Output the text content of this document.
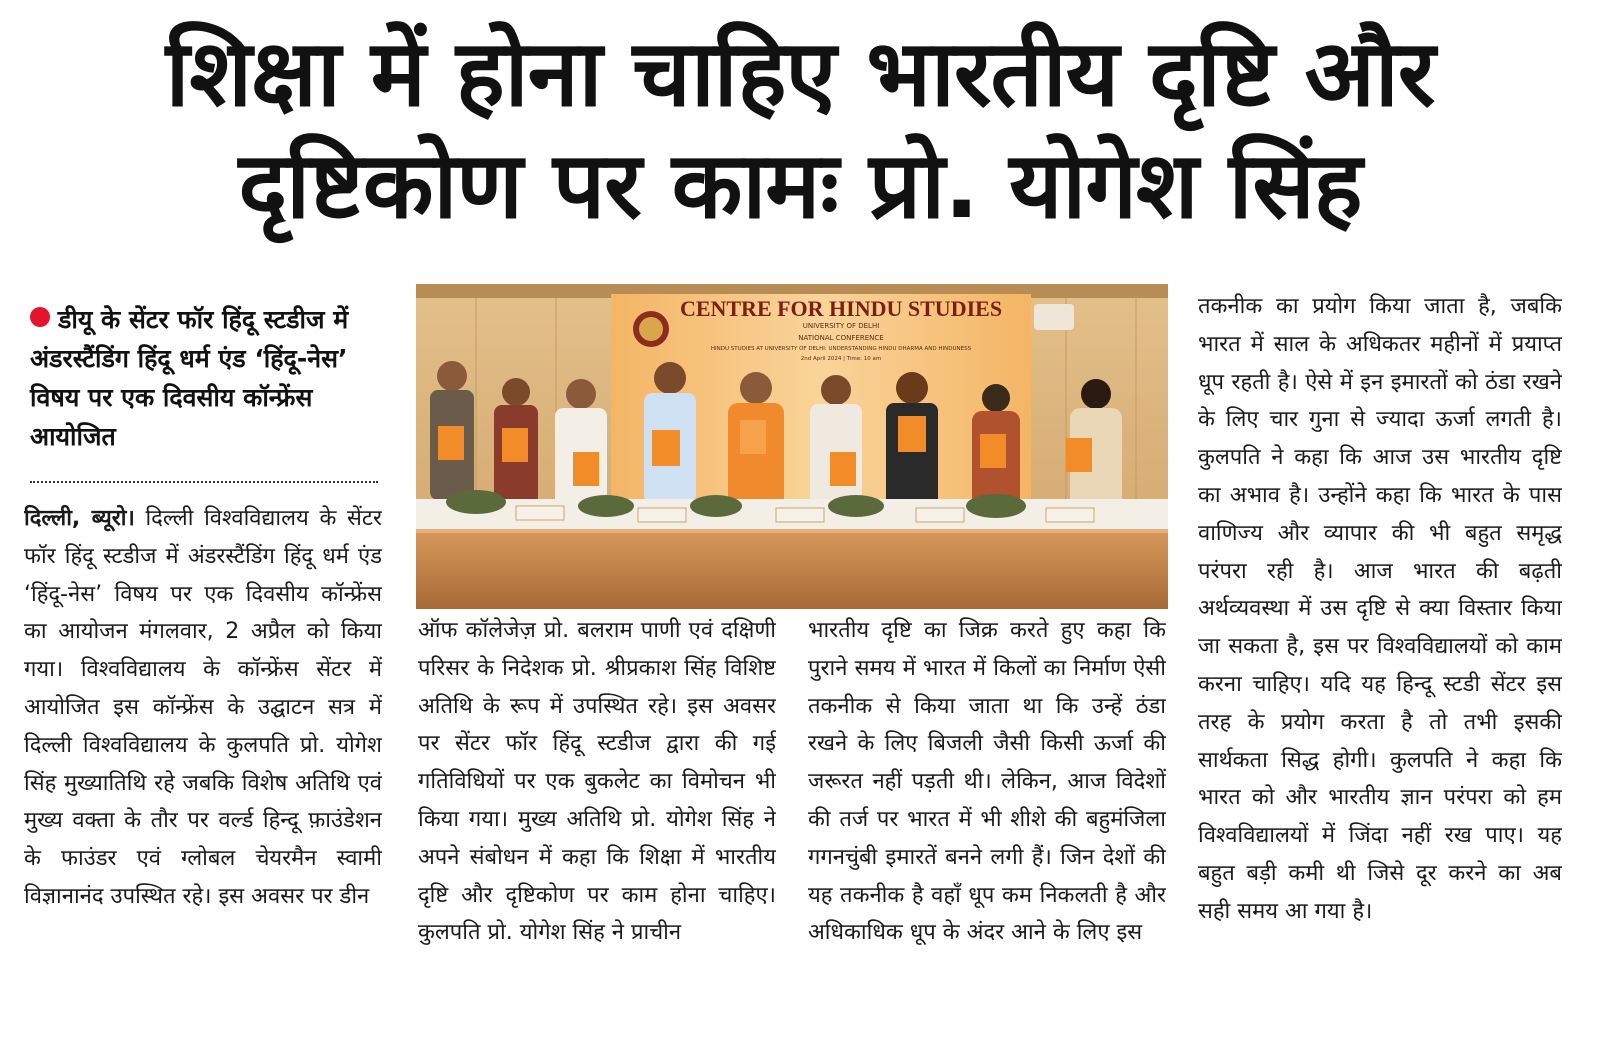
शिक्षा में होना चाहिए भारतीय दृष्टि और
दृष्टिकोण पर कामः प्रो. योगेश सिंह
डीयू के सेंटर फॉर हिंदू स्टडीज में अंडरस्टैंडिंग हिंदू धर्म एंड ‘हिंदू-नेस’ विषय पर एक दिवसीय कॉन्फ्रेंस आयोजित
दिल्ली, ब्यूरो। दिल्ली विश्वविद्यालय के सेंटर फॉर हिंदू स्टडीज में अंडरस्टैंडिंग हिंदू धर्म एंड ‘हिंदू-नेस’ विषय पर एक दिवसीय कॉन्फ्रेंस का आयोजन मंगलवार, 2 अप्रैल को किया गया। विश्वविद्यालय के कॉन्फ्रेंस सेंटर में आयोजित इस कॉन्फ्रेंस के उद्घाटन सत्र में दिल्ली विश्वविद्यालय के कुलपति प्रो. योगेश सिंह मुख्यातिथि रहे जबकि विशेष अतिथि एवं मुख्य वक्ता के तौर पर वर्ल्ड हिन्दू फ़ाउंडेशन के फाउंडर एवं ग्लोबल चेयरमैन स्वामी विज्ञानानंद उपस्थित रहे। इस अवसर पर डीन
CENTRE FOR HINDU STUDIES
UNIVERSITY OF DELHI
NATIONAL CONFERENCE
HINDU STUDIES AT UNIVERSITY OF DELHI: UNDERSTANDING HINDU DHARMA AND HINDUNESS
2nd April 2024 | Time: 10 am
ऑफ कॉलेजेज़ प्रो. बलराम पाणी एवं दक्षिणी परिसर के निदेशक प्रो. श्रीप्रकाश सिंह विशिष्ट अतिथि के रूप में उपस्थित रहे। इस अवसर पर सेंटर फॉर हिंदू स्टडीज द्वारा की गई गतिविधियों पर एक बुकलेट का विमोचन भी किया गया। मुख्य अतिथि प्रो. योगेश सिंह ने अपने संबोधन में कहा कि शिक्षा में भारतीय दृष्टि और दृष्टिकोण पर काम होना चाहिए। कुलपति प्रो. योगेश सिंह ने प्राचीन
भारतीय दृष्टि का जिक्र करते हुए कहा कि पुराने समय में भारत में किलों का निर्माण ऐसी तकनीक से किया जाता था कि उन्हें ठंडा रखने के लिए बिजली जैसी किसी ऊर्जा की जरूरत नहीं पड़ती थी। लेकिन, आज विदेशों की तर्ज पर भारत में भी शीशे की बहुमंजिला गगनचुंबी इमारतें बनने लगी हैं। जिन देशों की यह तकनीक है वहाँ धूप कम निकलती है और अधिकाधिक धूप के अंदर आने के लिए इस
तकनीक का प्रयोग किया जाता है, जबकि भारत में साल के अधिकतर महीनों में प्रयाप्त धूप रहती है। ऐसे में इन इमारतों को ठंडा रखने के लिए चार गुना से ज्यादा ऊर्जा लगती है। कुलपति ने कहा कि आज उस भारतीय दृष्टि का अभाव है। उन्होंने कहा कि भारत के पास वाणिज्य और व्यापार की भी बहुत समृद्ध परंपरा रही है। आज भारत की बढ़ती अर्थव्यवस्था में उस दृष्टि से क्या विस्तार किया जा सकता है, इस पर विश्वविद्यालयों को काम करना चाहिए। यदि यह हिन्दू स्टडी सेंटर इस तरह के प्रयोग करता है तो तभी इसकी सार्थकता सिद्ध होगी। कुलपति ने कहा कि भारत को और भारतीय ज्ञान परंपरा को हम विश्वविद्यालयों में जिंदा नहीं रख पाए। यह बहुत बड़ी कमी थी जिसे दूर करने का अब सही समय आ गया है।
